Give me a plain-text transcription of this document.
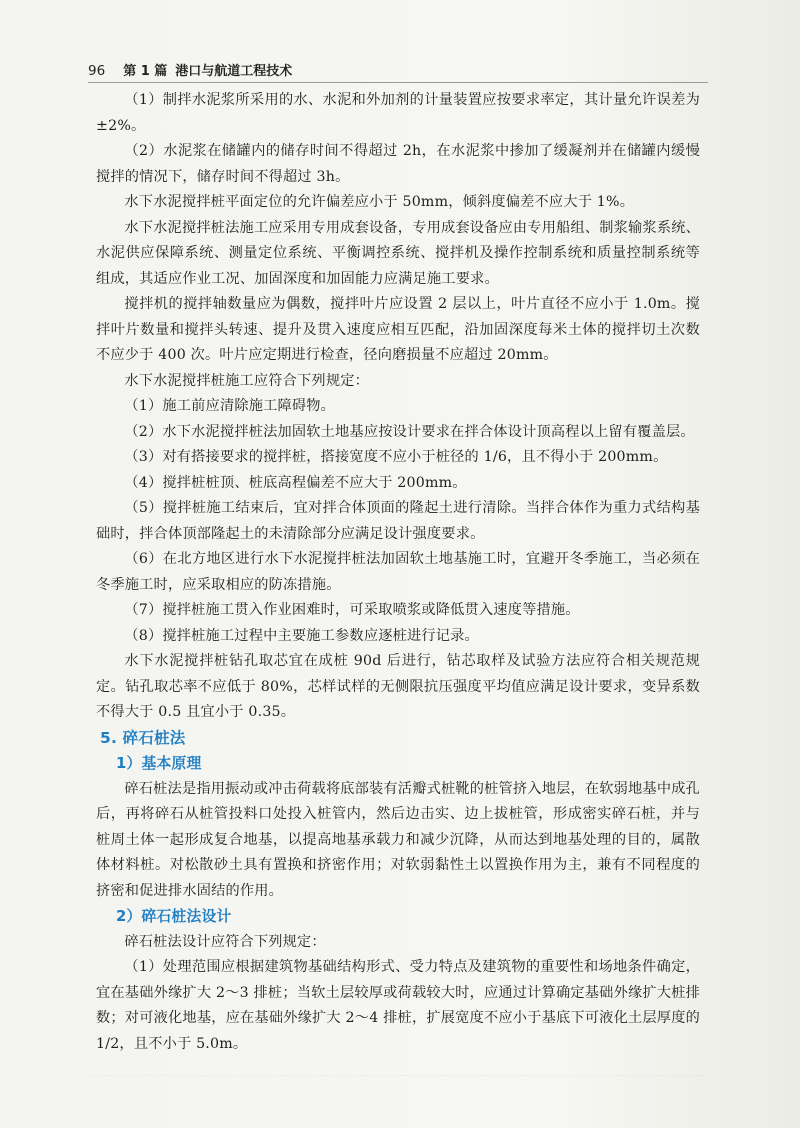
96 第 1 篇 港口与航道工程技术

（1）制拌水泥浆所采用的水、水泥和外加剂的计量装置应按要求率定，其计量允许误差为 ±2%。

（2）水泥浆在储罐内的储存时间不得超过 2h，在水泥浆中掺加了缓凝剂并在储罐内缓慢搅拌的情况下，储存时间不得超过 3h。

水下水泥搅拌桩平面定位的允许偏差应小于 50mm，倾斜度偏差不应大于 1%。

水下水泥搅拌桩法施工应采用专用成套设备，专用成套设备应由专用船组、制浆输浆系统、水泥供应保障系统、测量定位系统、平衡调控系统、搅拌机及操作控制系统和质量控制系统等组成，其适应作业工况、加固深度和加固能力应满足施工要求。

搅拌机的搅拌轴数量应为偶数，搅拌叶片应设置 2 层以上，叶片直径不应小于 1.0m。搅拌叶片数量和搅拌头转速、提升及贯入速度应相互匹配，沿加固深度每米土体的搅拌切土次数不应少于 400 次。叶片应定期进行检查，径向磨损量不应超过 20mm。

水下水泥搅拌桩施工应符合下列规定：

（1）施工前应清除施工障碍物。

（2）水下水泥搅拌桩法加固软土地基应按设计要求在拌合体设计顶高程以上留有覆盖层。

（3）对有搭接要求的搅拌桩，搭接宽度不应小于桩径的 1/6，且不得小于 200mm。

（4）搅拌桩桩顶、桩底高程偏差不应大于 200mm。

（5）搅拌桩施工结束后，宜对拌合体顶面的隆起土进行清除。当拌合体作为重力式结构基础时，拌合体顶部隆起土的未清除部分应满足设计强度要求。

（6）在北方地区进行水下水泥搅拌桩法加固软土地基施工时，宜避开冬季施工，当必须在冬季施工时，应采取相应的防冻措施。

（7）搅拌桩施工贯入作业困难时，可采取喷浆或降低贯入速度等措施。

（8）搅拌桩施工过程中主要施工参数应逐桩进行记录。

水下水泥搅拌桩钻孔取芯宜在成桩 90d 后进行，钻芯取样及试验方法应符合相关规范规定。钻孔取芯率不应低于 80%，芯样试样的无侧限抗压强度平均值应满足设计要求，变异系数不得大于 0.5 且宜小于 0.35。

5. 碎石桩法
1）基本原理

碎石桩法是指用振动或冲击荷载将底部装有活瓣式桩靴的桩管挤入地层，在软弱地基中成孔后，再将碎石从桩管投料口处投入桩管内，然后边击实、边上拔桩管，形成密实碎石桩，并与桩周土体一起形成复合地基，以提高地基承载力和减少沉降，从而达到地基处理的目的，属散体材料桩。对松散砂土具有置换和挤密作用；对软弱黏性土以置换作用为主，兼有不同程度的挤密和促进排水固结的作用。

2）碎石桩法设计

碎石桩法设计应符合下列规定：

（1）处理范围应根据建筑物基础结构形式、受力特点及建筑物的重要性和场地条件确定，宜在基础外缘扩大 2～3 排桩；当软土层较厚或荷载较大时，应通过计算确定基础外缘扩大桩排数；对可液化地基，应在基础外缘扩大 2～4 排桩，扩展宽度不应小于基底下可液化土层厚度的 1/2，且不小于 5.0m。
